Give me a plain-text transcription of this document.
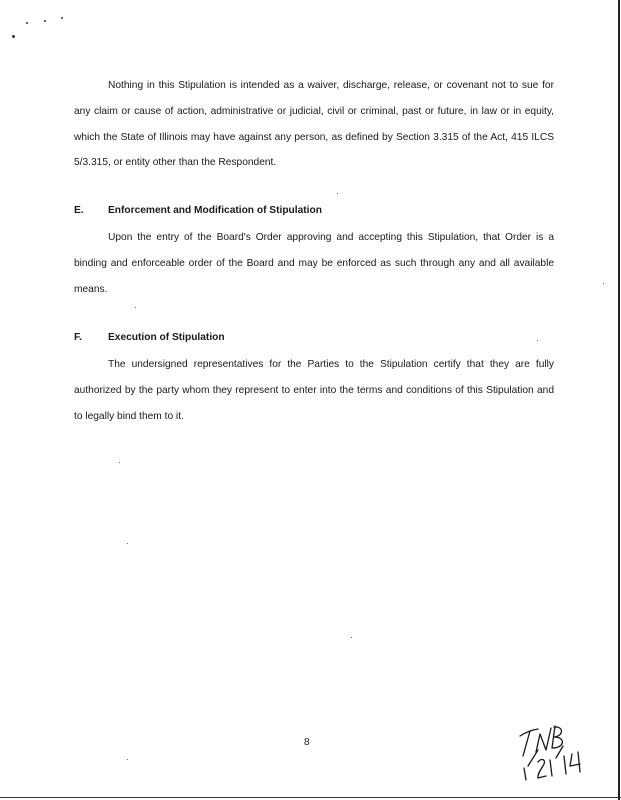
Nothing in this Stipulation is intended as a waiver, discharge, release, or covenant not to sue for any claim or cause of action, administrative or judicial, civil or criminal, past or future, in law or in equity, which the State of Illinois may have against any person, as defined by Section 3.315 of the Act, 415 ILCS 5/3.315, or entity other than the Respondent.

E. Enforcement and Modification of Stipulation

Upon the entry of the Board's Order approving and accepting this Stipulation, that Order is a binding and enforceable order of the Board and may be enforced as such through any and all available means.

F.	Execution of Stipulation

The undersigned representatives for the Parties to the Stipulation certify that they are fully authorized by the party whom they represent to enter into the terms and conditions of this Stipulation and to legally bind them to it.

8
